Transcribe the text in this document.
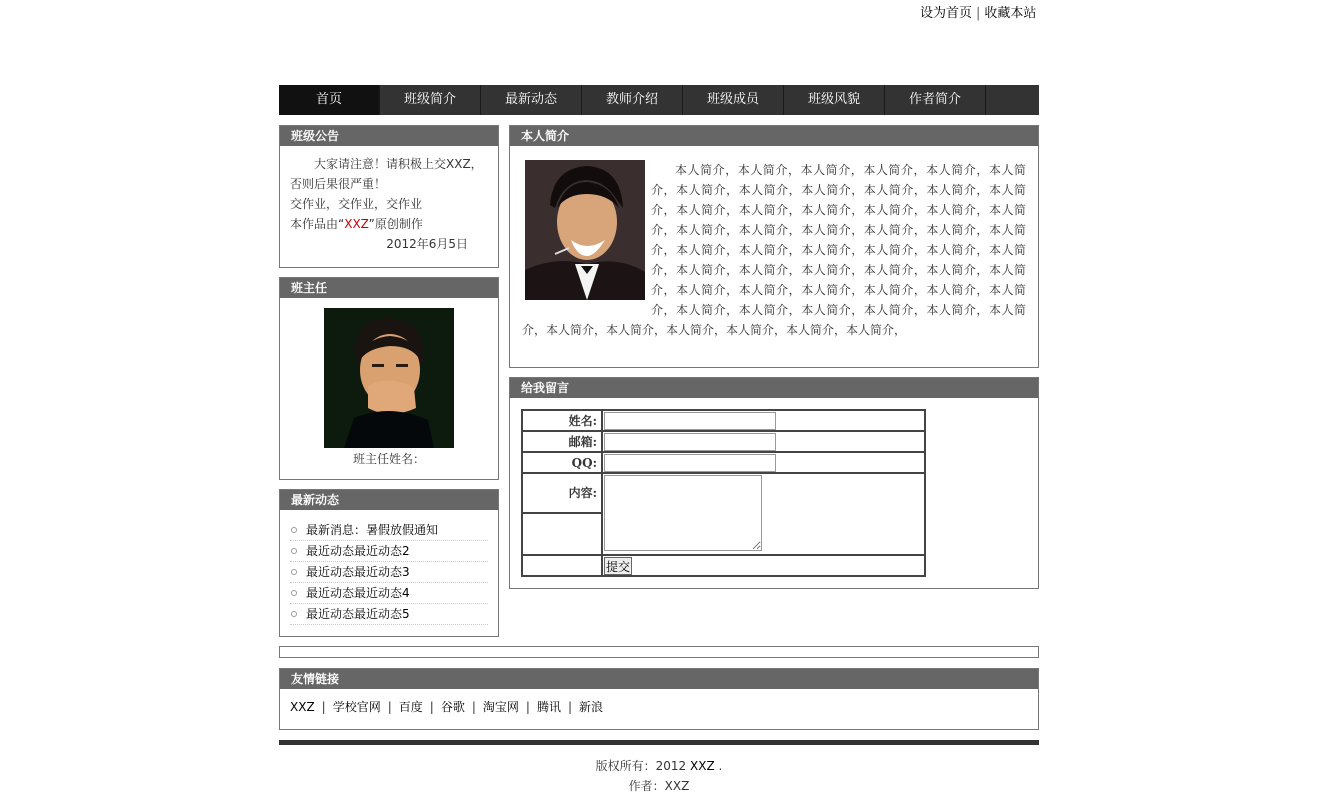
设为首页 | 收藏本站
首页	班级简介	最新动态	教师介绍	班级成员	班级风貌	作者简介
班级公告
大家请注意！请积极上交XXZ，否则后果很严重！
交作业，交作业，交作业
本作品由“XXZ”原创制作
2012年6月5日
班主任
班主任姓名：
最新动态
最新消息：暑假放假通知
最近动态最近动态2
最近动态最近动态3
最近动态最近动态4
最近动态最近动态5
本人简介
本人简介，本人简介，本人简介，本人简介，本人简介，本人简介，本人简介，本人简介，本人简介，本人简介，本人简介，本人简介，本人简介，本人简介，本人简介，本人简介，本人简介，本人简介，本人简介，本人简介，本人简介，本人简介，本人简介，本人简介，本人简介，本人简介，本人简介，本人简介，本人简介，本人简介，本人简介，本人简介，本人简介，本人简介，本人简介，本人简介，本人简介，本人简介，本人简介，本人简介，本人简介，本人简介，本人简介，本人简介，本人简介，本人简介，本人简介，本人简介，本人简介，本人简介，本人简介，本人简介，本人简介，本人简介，
给我留言
姓名:	
邮箱:	
QQ:	
内容:	

	提交
友情链接
XXZ | 学校官网 | 百度 | 谷歌 | 淘宝网 | 腾讯 | 新浪
版权所有：2012 XXZ .
作者：XXZ
